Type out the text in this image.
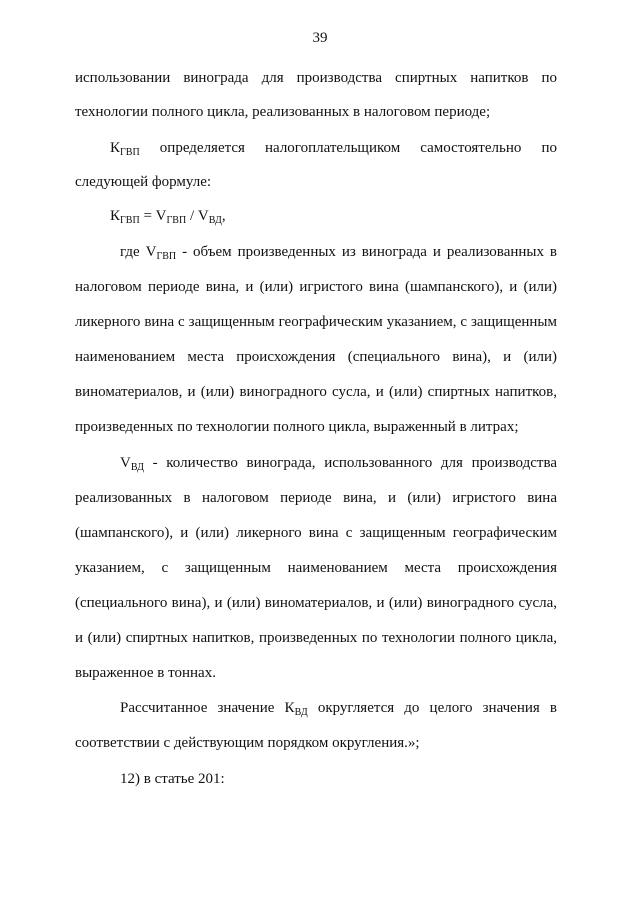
39
использовании винограда для производства спиртных напитков по
технологии полного цикла, реализованных в налоговом периоде;
$К_{ГВП}$ определяется налогоплательщиком самостоятельно по
следующей формуле:
$К_{ГВП} = V_{ГВП} / V_{ВД}$,
где $V_{ГВП}$ - объем произведенных из винограда и реализованных в
налоговом периоде вина, и (или) игристого вина (шампанского), и (или)
ликерного вина с защищенным географическим указанием, с защищенным
наименованием места происхождения (специального вина), и (или)
виноматериалов, и (или) виноградного сусла, и (или) спиртных напитков,
произведенных по технологии полного цикла, выраженный в литрах;
$V_{ВД}$ - количество винограда, использованного для производства
реализованных в налоговом периоде вина, и (или) игристого вина
(шампанского), и (или) ликерного вина с защищенным географическим
указанием, с защищенным наименованием места происхождения
(специального вина), и (или) виноматериалов, и (или) виноградного сусла,
и (или) спиртных напитков, произведенных по технологии полного цикла,
выраженное в тоннах.
Рассчитанное значение $К_{ВД}$ округляется до целого значения в
соответствии с действующим порядком округления.»;
12) в статье 201:
